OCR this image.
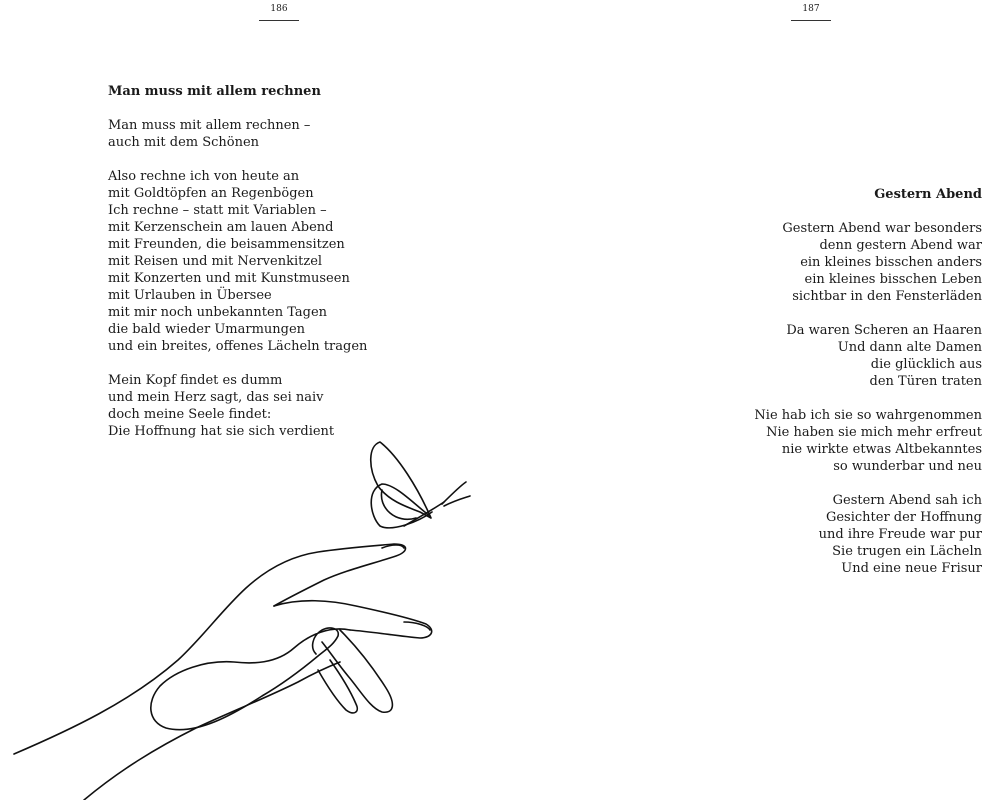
186
Man muss mit allem rechnen

Man muss mit allem rechnen –
auch mit dem Schönen

Also rechne ich von heute an
mit Goldtöpfen an Regenbögen
Ich rechne – statt mit Variablen –
mit Kerzenschein am lauen Abend
mit Freunden, die beisammensitzen
mit Reisen und mit Nervenkitzel
mit Konzerten und mit Kunstmuseen
mit Urlauben in Übersee
mit mir noch unbekannten Tagen
die bald wieder Umarmungen
und ein breites, offenes Lächeln tragen

Mein Kopf findet es dumm
und mein Herz sagt, das sei naiv
doch meine Seele findet:
Die Hoffnung hat sie sich verdient

187
Gestern Abend

Gestern Abend war besonders
denn gestern Abend war
ein kleines bisschen anders
ein kleines bisschen Leben
sichtbar in den Fensterläden

Da waren Scheren an Haaren
Und dann alte Damen
die glücklich aus
den Türen traten

Nie hab ich sie so wahrgenommen
Nie haben sie mich mehr erfreut
nie wirkte etwas Altbekanntes
so wunderbar und neu

Gestern Abend sah ich
Gesichter der Hoffnung
und ihre Freude war pur
Sie trugen ein Lächeln
Und eine neue Frisur
